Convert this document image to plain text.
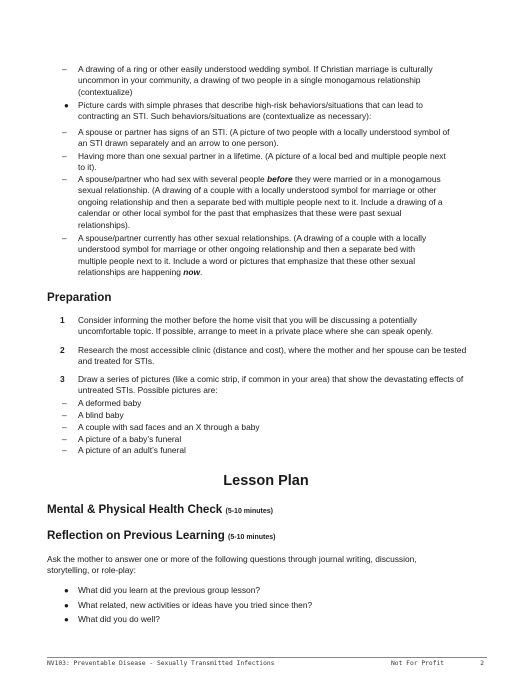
– A drawing of a ring or other easily understood wedding symbol. If Christian marriage is culturally
uncommon in your community, a drawing of two people in a single monogamous relationship
(contextualize)
● Picture cards with simple phrases that describe high-risk behaviors/situations that can lead to
contracting an STI. Such behaviors/situations are (contextualize as necessary):
– A spouse or partner has signs of an STI. (A picture of two people with a locally understood symbol of
an STI drawn separately and an arrow to one person).
– Having more than one sexual partner in a lifetime. (A picture of a local bed and multiple people next
to it).
– A spouse/partner who had sex with several people before they were married or in a monogamous
sexual relationship. (A drawing of a couple with a locally understood symbol for marriage or other
ongoing relationship and then a separate bed with multiple people next to it. Include a drawing of a
calendar or other local symbol for the past that emphasizes that these were past sexual
relationships).
– A spouse/partner currently has other sexual relationships. (A drawing of a couple with a locally
understood symbol for marriage or other ongoing relationship and then a separate bed with
multiple people next to it. Include a word or pictures that emphasize that these other sexual
relationships are happening now.
Preparation
1 Consider informing the mother before the home visit that you will be discussing a potentially
uncomfortable topic. If possible, arrange to meet in a private place where she can speak openly.
2 Research the most accessible clinic (distance and cost), where the mother and her spouse can be tested
and treated for STIs.
3 Draw a series of pictures (like a comic strip, if common in your area) that show the devastating effects of
untreated STIs. Possible pictures are:
– A deformed baby
– A blind baby
– A couple with sad faces and an X through a baby
– A picture of a baby’s funeral
– A picture of an adult’s funeral
Lesson Plan
Mental & Physical Health Check (5-10 minutes)
Reflection on Previous Learning (5-10 minutes)
Ask the mother to answer one or more of the following questions through journal writing, discussion,
storytelling, or role-play:
● What did you learn at the previous group lesson?
● What related, new activities or ideas have you tried since then?
● What did you do well?
NV103: Preventable Disease - Sexually Transmitted Infections	Not For Profit	2
